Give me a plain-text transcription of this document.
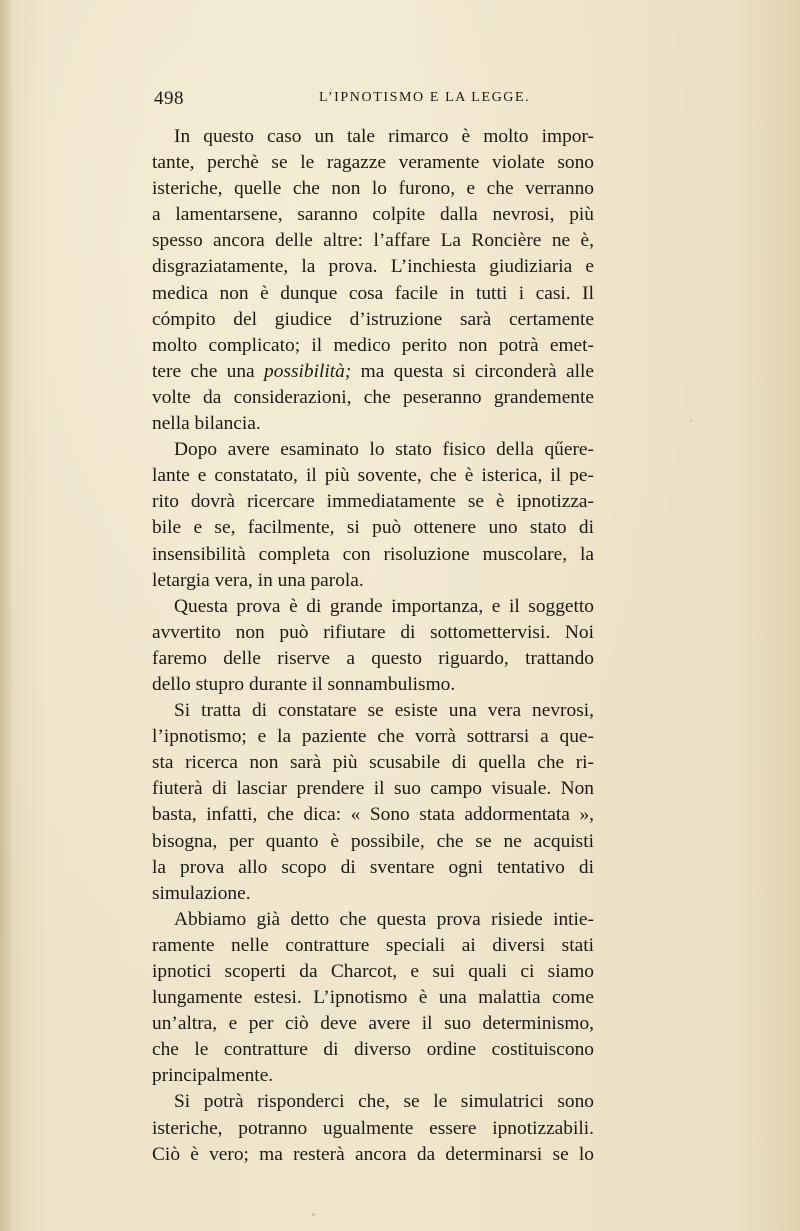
498	L’IPNOTISMO E LA LEGGE.
In questo caso un tale rimarco è molto impor-
tante, perchè se le ragazze veramente violate sono
isteriche, quelle che non lo furono, e che verranno
a lamentarsene, saranno colpite dalla nevrosi, più
spesso ancora delle altre: l’affare La Roncière ne è,
disgraziatamente, la prova. L’inchiesta giudiziaria e
medica non è dunque cosa facile in tutti i casi. Il
cómpito del giudice d’istruzione sarà certamente
molto complicato; il medico perito non potrà emet-
tere che una possibilità; ma questa si circonderà alle
volte da considerazioni, che peseranno grandemente
nella bilancia.
Dopo avere esaminato lo stato fisico della qűere-
lante e constatato, il più sovente, che è isterica, il pe-
rito dovrà ricercare immediatamente se è ipnotizza-
bile e se, facilmente, si può ottenere uno stato di
insensibilità completa con risoluzione muscolare, la
letargia vera, in una parola.
Questa prova è di grande importanza, e il soggetto
avvertito non può rifiutare di sottomettervisi. Noi
faremo delle riserve a questo riguardo, trattando
dello stupro durante il sonnambulismo.
Si tratta di constatare se esiste una vera nevrosi,
l’ipnotismo; e la paziente che vorrà sottrarsi a que-
sta ricerca non sarà più scusabile di quella che ri-
fiuterà di lasciar prendere il suo campo visuale. Non
basta, infatti, che dica: « Sono stata addormentata »,
bisogna, per quanto è possibile, che se ne acquisti
la prova allo scopo di sventare ogni tentativo di
simulazione.
Abbiamo già detto che questa prova risiede intie-
ramente nelle contratture speciali ai diversi stati
ipnotici scoperti da Charcot, e sui quali ci siamo
lungamente estesi. L’ipnotismo è una malattia come
un’altra, e per ciò deve avere il suo determinismo,
che le contratture di diverso ordine costituiscono
principalmente.
Si potrà risponderci che, se le simulatrici sono
isteriche, potranno ugualmente essere ipnotizzabili.
Ciò è vero; ma resterà ancora da determinarsi se lo
